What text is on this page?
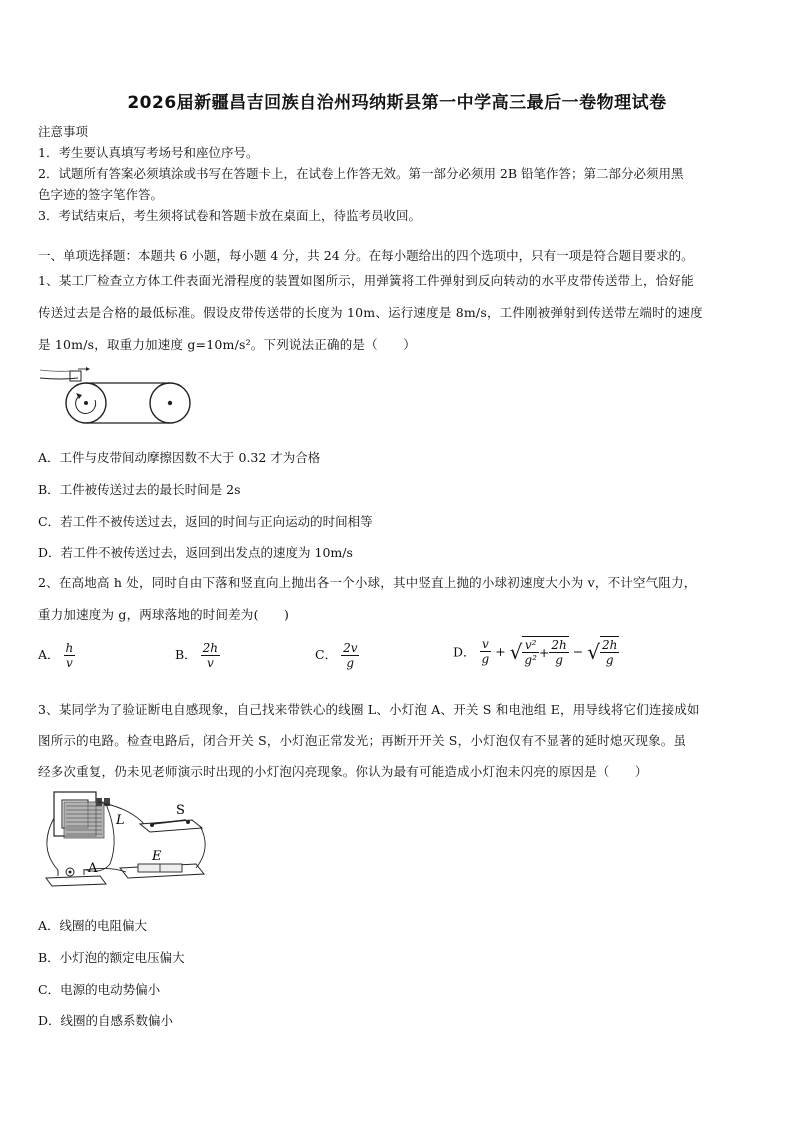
2026届新疆昌吉回族自治州玛纳斯县第一中学高三最后一卷物理试卷
注意事项
1．考生要认真填写考场号和座位序号。
2．试题所有答案必须填涂或书写在答题卡上，在试卷上作答无效。第一部分必须用 2B 铅笔作答；第二部分必须用黑
色字迹的签字笔作答。
3．考试结束后，考生须将试卷和答题卡放在桌面上，待监考员收回。
一、单项选择题：本题共 6 小题，每小题 4 分，共 24 分。在每小题给出的四个选项中，只有一项是符合题目要求的。
1、某工厂检查立方体工件表面光滑程度的装置如图所示，用弹簧将工件弹射到反向转动的水平皮带传送带上，恰好能
传送过去是合格的最低标准。假设皮带传送带的长度为 10m、运行速度是 8m/s，工件刚被弹射到传送带左端时的速度
是 10m/s，取重力加速度 g=10m/s²。下列说法正确的是（　　）
A．工件与皮带间动摩擦因数不大于 0.32 才为合格
B．工件被传送过去的最长时间是 2s
C．若工件不被传送过去，返回的时间与正向运动的时间相等
D．若工件不被传送过去，返回到出发点的速度为 10m/s
2、在高地高 h 处，同时自由下落和竖直向上抛出各一个小球，其中竖直上抛的小球初速度大小为 v，不计空气阻力，
重力加速度为 g，两球落地的时间差为(　　)
A． $\frac{h}{v}$	B． $\frac{2h}{v}$	C． $\frac{2v}{g}$	D． $\frac{v}{g}$ + √ $\frac{\text{v²}}{\text{g²}} + \frac{2h}{g}$ − √ $\frac{2h}{g}$
3、某同学为了验证断电自感现象，自己找来带铁心的线圈 L、小灯泡 A、开关 S 和电池组 E，用导线将它们连接成如
图所示的电路。检查电路后，闭合开关 S，小灯泡正常发光；再断开开关 S，小灯泡仅有不显著的延时熄灭现象。虽
经多次重复，仍未见老师演示时出现的小灯泡闪亮现象。你认为最有可能造成小灯泡未闪亮的原因是（　　）
L
S
E
A
A．线圈的电阻偏大
B．小灯泡的额定电压偏大
C．电源的电动势偏小
D．线圈的自感系数偏小
